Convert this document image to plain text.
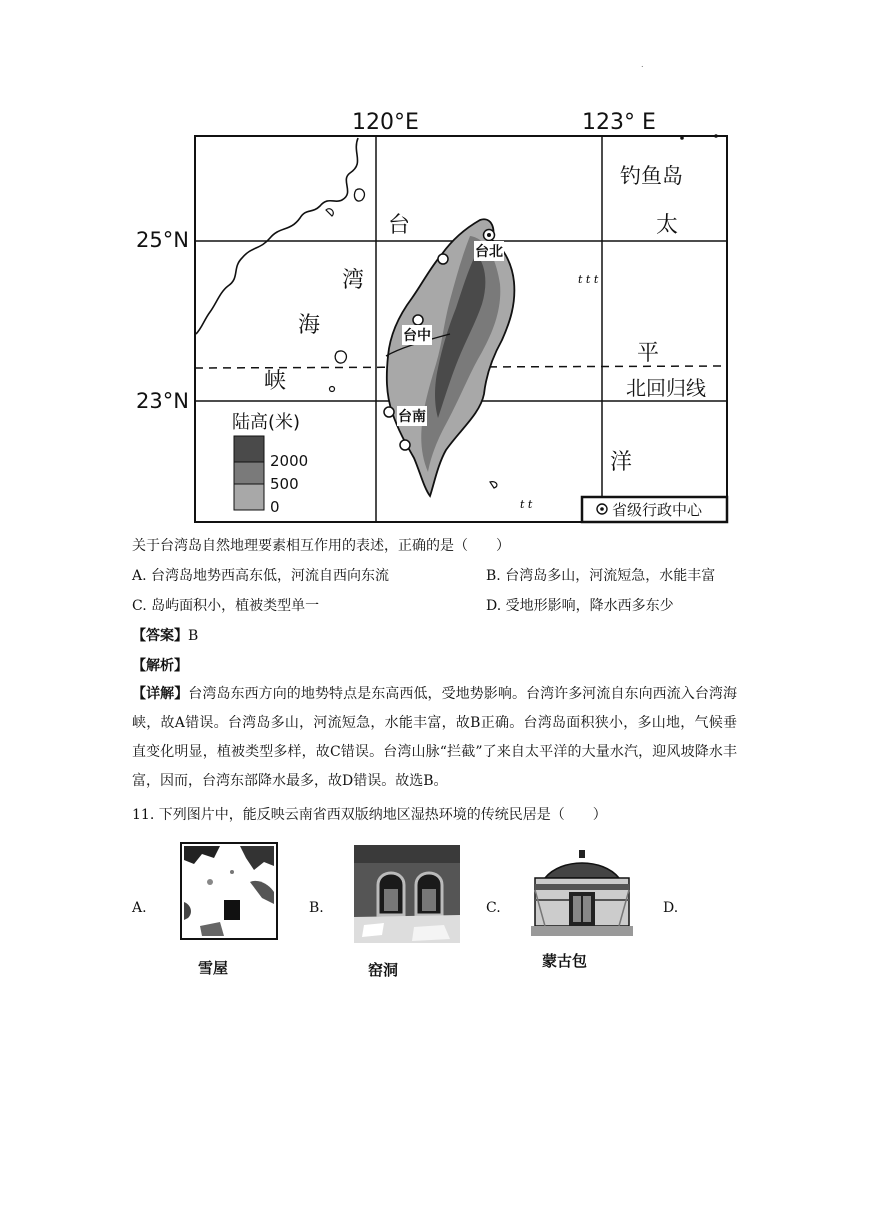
.
t t t
t t
120°E	123° E
25°N
23°N
台
湾
海
峡
太
平
洋
钓鱼岛
北回归线
台北
台中
台南
陆高(米)
2000
500
0	省级行政中心
关于台湾岛自然地理要素相互作用的表述，正确的是（　　）
A. 台湾岛地势西高东低，河流自西向东流	B. 台湾岛多山，河流短急，水能丰富
C. 岛屿面积小，植被类型单一	D. 受地形影响，降水西多东少
【答案】B
【解析】
【详解】台湾岛东西方向的地势特点是东高西低，受地势影响。台湾许多河流自东向西流入台湾海峡，故A错误。台湾岛多山，河流短急，水能丰富，故B正确。台湾岛面积狭小，多山地，气候垂直变化明显，植被类型多样，故C错误。台湾山脉“拦截”了来自太平洋的大量水汽，迎风坡降水丰富，因而，台湾东部降水最多，故D错误。故选B。
11. 下列图片中，能反映云南省西双版纳地区湿热环境的传统民居是（　　）
A.
雪屋
B.
窑洞
C.
蒙古包
D.
